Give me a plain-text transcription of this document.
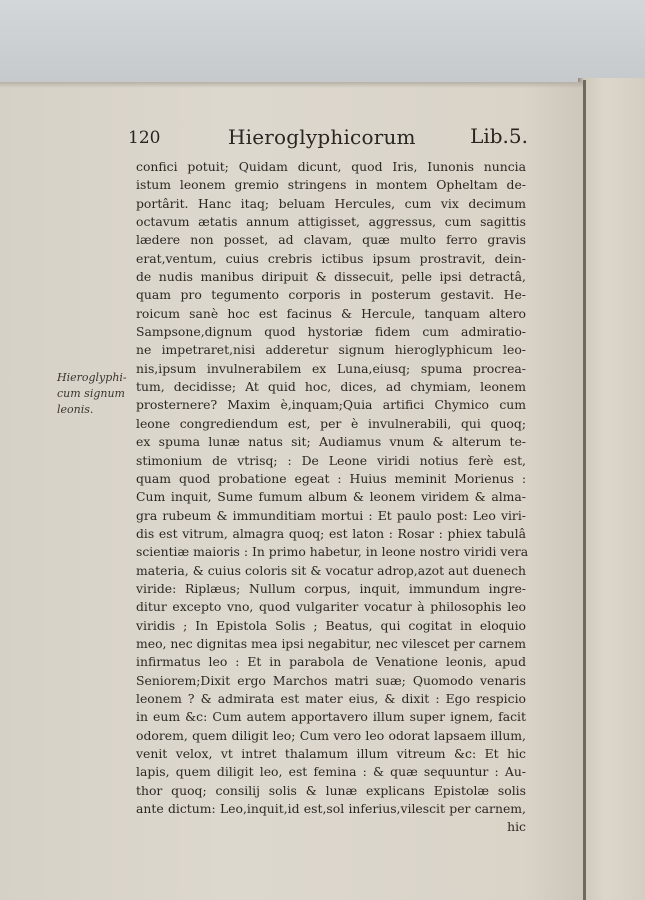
120	Hieroglyphicorum	Lib.5.
Hieroglyphi-
cum signum
leonis.
confici potuit; Quidam dicunt, quod Iris, Iunonis nuncia
istum leonem gremio stringens in montem Opheltam de-
portârit. Hanc itaq; beluam Hercules, cum vix decimum
octavum ætatis annum attigisset, aggressus, cum sagittis
lædere non posset, ad clavam, quæ multo ferro gravis
erat,ventum, cuius crebris ictibus ipsum prostravit, dein-
de nudis manibus diripuit & dissecuit, pelle ipsi detractâ,
quam pro tegumento corporis in posterum gestavit. He-
roicum sanè hoc est facinus & Hercule, tanquam altero
Sampsone,dignum quod hystoriæ fidem cum admiratio-
ne impetraret,nisi adderetur signum hieroglyphicum leo-
nis,ipsum invulnerabilem ex Luna,eiusq; spuma procrea-
tum, decidisse; At quid hoc, dices, ad chymiam, leonem
prosternere? Maxim è,inquam;Quia artifici Chymico cum
leone congrediendum est, per è invulnerabili, qui quoq;
ex spuma lunæ natus sit; Audiamus vnum & alterum te-
stimonium de vtrisq; : De Leone viridi notius ferè est,
quam quod probatione egeat : Huius meminit Morienus :
Cum inquit, Sume fumum album & leonem viridem & alma-
gra rubeum & immunditiam mortui : Et paulo post: Leo viri-
dis est vitrum, almagra quoq; est laton : Rosar : phiex tabulâ
scientiæ maioris : In primo habetur, in leone nostro viridi vera
materia, & cuius coloris sit & vocatur adrop,azot aut duenech
viride: Riplæus; Nullum corpus, inquit, immundum ingre-
ditur excepto vno, quod vulgariter vocatur à philosophis leo
viridis ; In Epistola Solis ; Beatus, qui cogitat in eloquio
meo, nec dignitas mea ipsi negabitur, nec vilescet per carnem
infirmatus leo : Et in parabola de Venatione leonis, apud
Seniorem;Dixit ergo Marchos matri suæ; Quomodo venaris
leonem ? & admirata est mater eius, & dixit : Ego respicio
in eum &c: Cum autem apportavero illum super ignem, facit
odorem, quem diligit leo; Cum vero leo odorat lapsaem illum,
venit velox, vt intret thalamum illum vitreum &c: Et hic
lapis, quem diligit leo, est femina : & quæ sequuntur : Au-
thor quoq; consilij solis & lunæ explicans Epistolæ solis
ante dictum: Leo,inquit,id est,sol inferius,vilescit per carnem,
hic
